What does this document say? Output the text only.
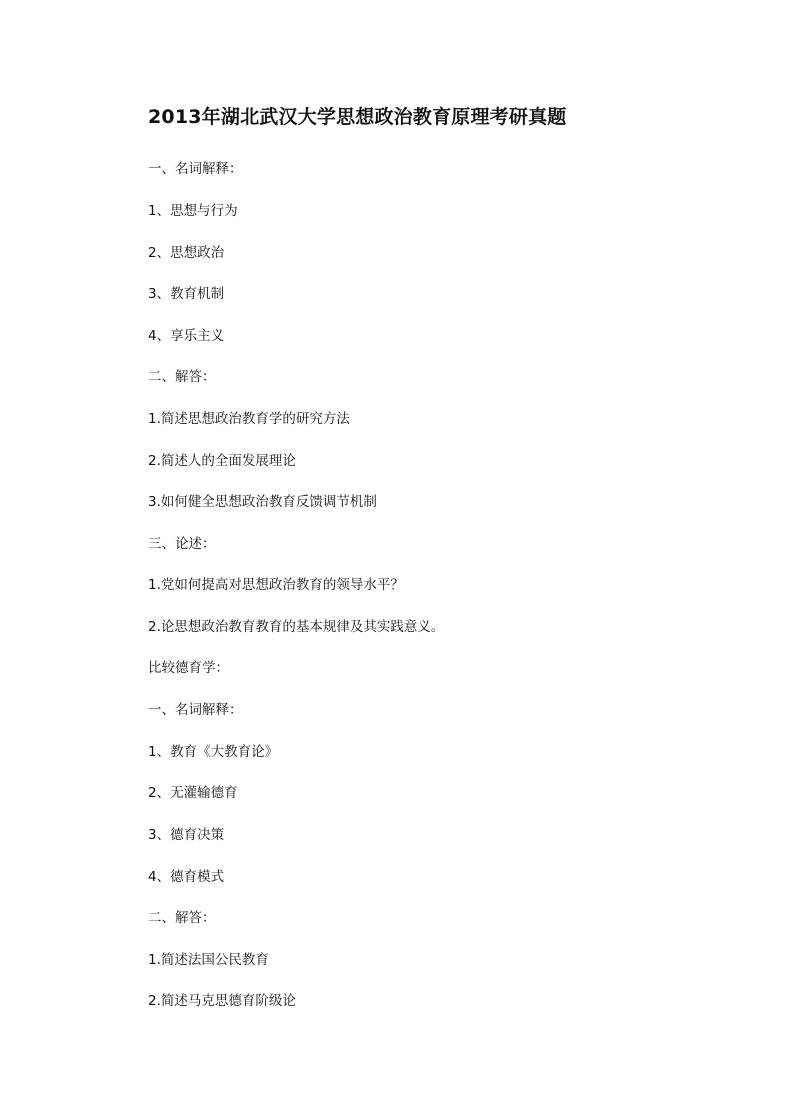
2013年湖北武汉大学思想政治教育原理考研真题
一、名词解释：
1、思想与行为
2、思想政治
3、教育机制
4、享乐主义
二、解答：
1.简述思想政治教育学的研究方法
2.简述人的全面发展理论
3.如何健全思想政治教育反馈调节机制
三、论述：
1.党如何提高对思想政治教育的领导水平？
2.论思想政治教育教育的基本规律及其实践意义。
比较德育学：
一、名词解释：
1、教育《大教育论》
2、无灌输德育
3、德育决策
4、德育模式
二、解答：
1.简述法国公民教育
2.简述马克思德育阶级论
